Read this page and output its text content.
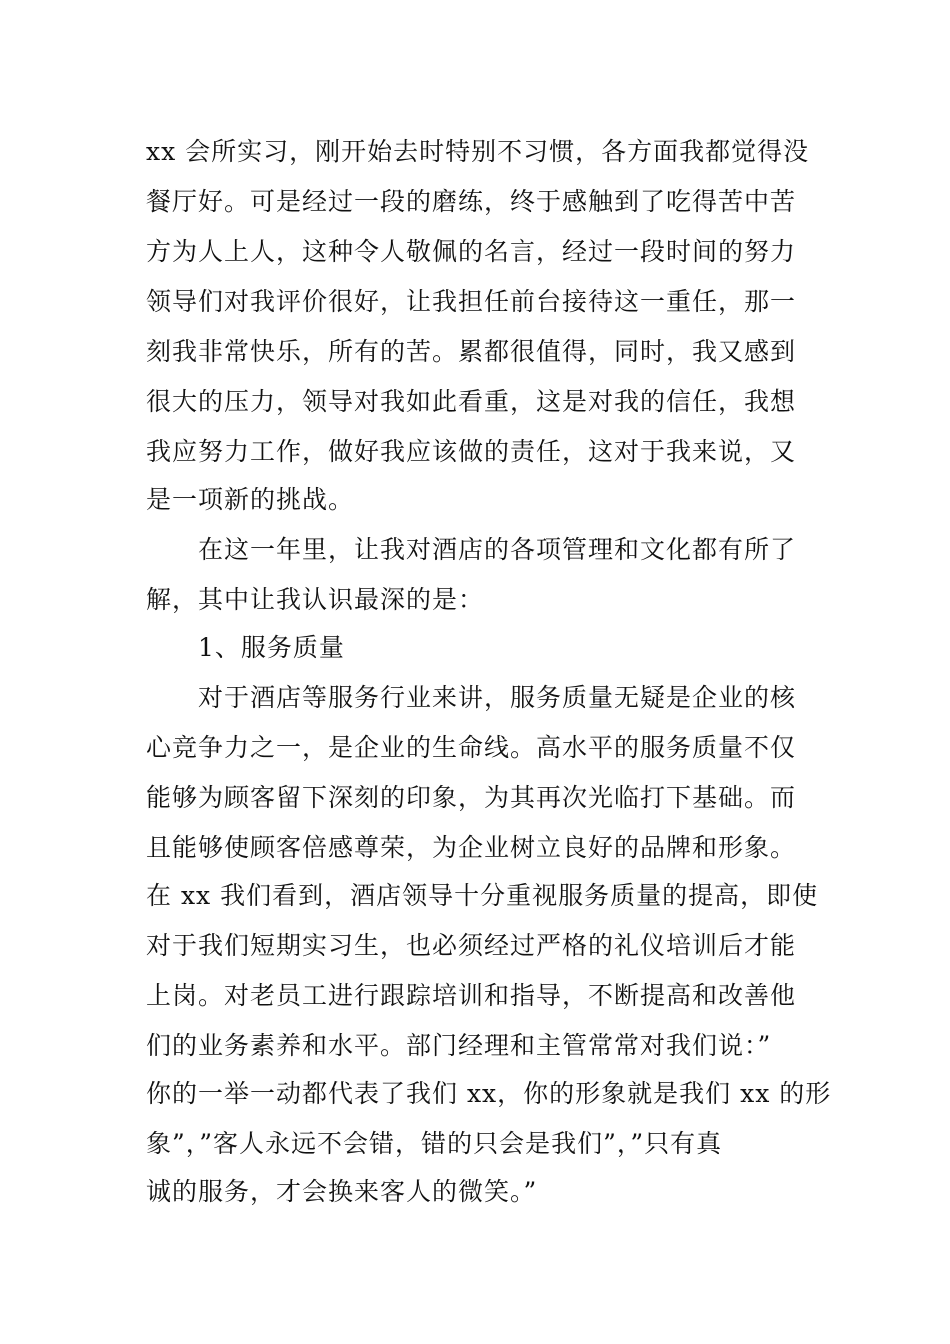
xx 会所实习，刚开始去时特别不习惯，各方面我都觉得没
餐厅好。可是经过一段的磨练，终于感触到了吃得苦中苦
方为人上人，这种令人敬佩的名言，经过一段时间的努力
领导们对我评价很好，让我担任前台接待这一重任，那一
刻我非常快乐，所有的苦。累都很值得，同时，我又感到
很大的压力，领导对我如此看重，这是对我的信任，我想
我应努力工作，做好我应该做的责任，这对于我来说，又
是一项新的挑战。
在这一年里，让我对酒店的各项管理和文化都有所了
解，其中让我认识最深的是：
1、服务质量
对于酒店等服务行业来讲，服务质量无疑是企业的核
心竞争力之一，是企业的生命线。高水平的服务质量不仅
能够为顾客留下深刻的印象，为其再次光临打下基础。而
且能够使顾客倍感尊荣，为企业树立良好的品牌和形象。
在 xx 我们看到，酒店领导十分重视服务质量的提高，即使
对于我们短期实习生，也必须经过严格的礼仪培训后才能
上岗。对老员工进行跟踪培训和指导，不断提高和改善他
们的业务素养和水平。部门经理和主管常常对我们说：”
你的一举一动都代表了我们 xx，你的形象就是我们 xx 的形
象”，”客人永远不会错，错的只会是我们”，”只有真
诚的服务，才会换来客人的微笑。”
